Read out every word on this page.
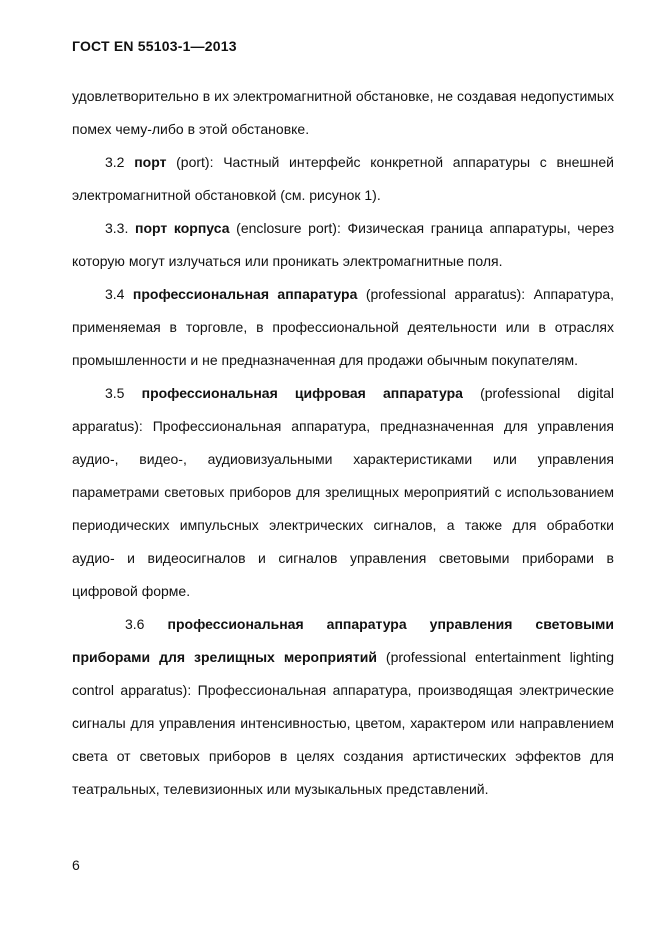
ГОСТ EN 55103-1—2013

удовлетворительно в их электромагнитной обстановке, не создавая недопустимых помех чему-либо в этой обстановке.

3.2 порт (port): Частный интерфейс конкретной аппаратуры с внешней электромагнитной обстановкой (см. рисунок 1).

3.3. порт корпуса (enclosure port): Физическая граница аппаратуры, через которую могут излучаться или проникать электромагнитные поля.

3.4 профессиональная аппаратура (professional apparatus): Аппаратура, применяемая в торговле, в профессиональной деятельности или в отраслях промышленности и не предназначенная для продажи обычным покупателям.

3.5 профессиональная цифровая аппаратура (professional digital apparatus): Профессиональная аппаратура, предназначенная для управления аудио-, видео-, аудиовизуальными характеристиками или управления параметрами световых приборов для зрелищных мероприятий с использованием периодических импульсных электрических сигналов, а также для обработки аудио- и видеосигналов и сигналов управления световыми приборами в цифровой форме.

3.6 профессиональная аппаратура управления световыми приборами для зрелищных мероприятий (professional entertainment lighting control apparatus): Профессиональная аппаратура, производящая электрические сигналы для управления интенсивностью, цветом, характером или направлением света от световых приборов в целях создания артистических эффектов для театральных, телевизионных или музыкальных представлений.

6
